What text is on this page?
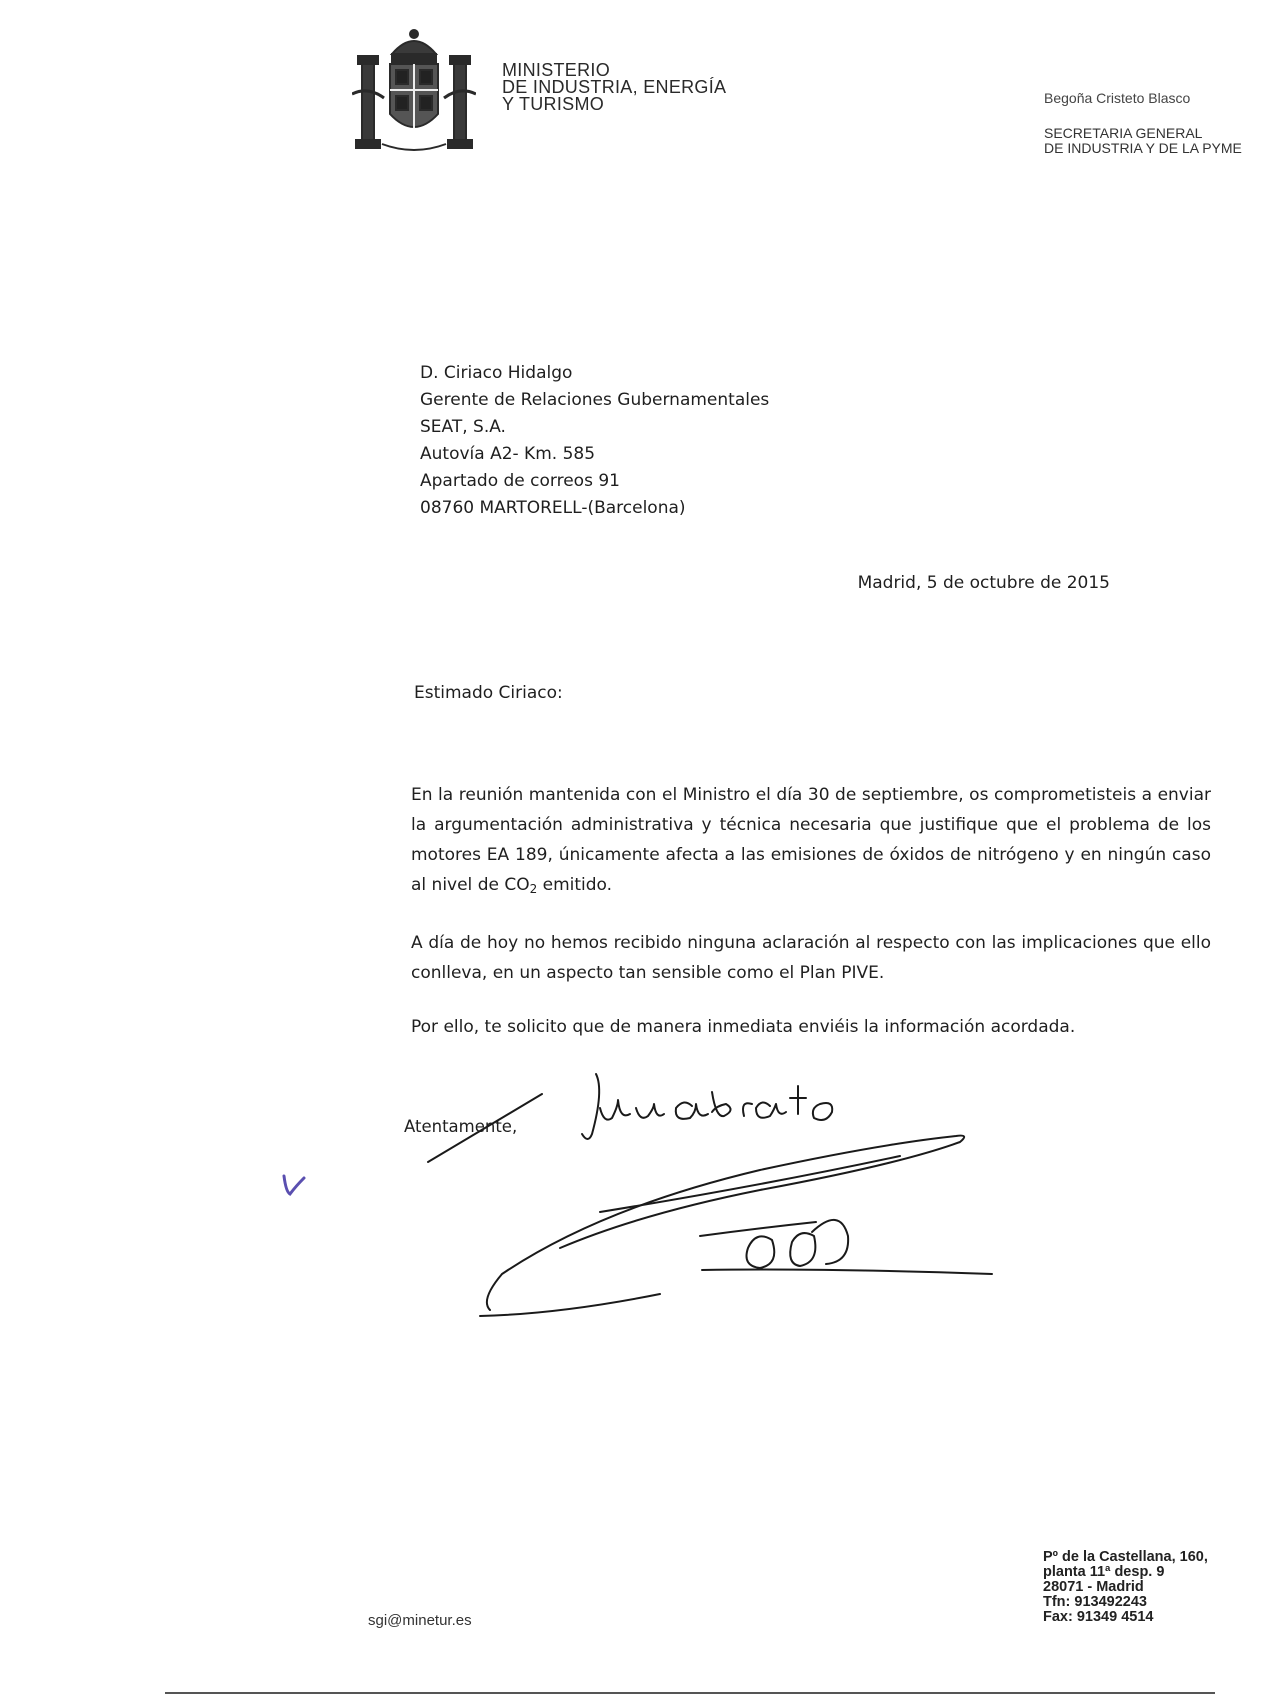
MINISTERIO
DE INDUSTRIA, ENERGÍA
Y TURISMO	Begoña Cristeto Blasco
SECRETARIA GENERAL
DE INDUSTRIA Y DE LA PYME
D. Ciriaco Hidalgo
Gerente de Relaciones Gubernamentales
SEAT, S.A.
Autovía A2- Km. 585
Apartado de correos 91
08760 MARTORELL-(Barcelona)
Madrid, 5 de octubre de 2015
Estimado Ciriaco:
En la reunión mantenida con el Ministro el día 30 de septiembre, os comprometisteis a enviar la argumentación administrativa y técnica necesaria que justifique que el problema de los motores EA 189, únicamente afecta a las emisiones de óxidos de nitrógeno y en ningún caso al nivel de $CO_2$ emitido.
A día de hoy no hemos recibido ninguna aclaración al respecto con las implicaciones que ello conlleva, en un aspecto tan sensible como el Plan PIVE.
Por ello, te solicito que de manera inmediata enviéis la información acordada.
Atentamente,
sgi@minetur.es
Pº de la Castellana, 160,
planta 11ª desp. 9
28071 - Madrid
Tfn: 913492243
Fax: 91349 4514
